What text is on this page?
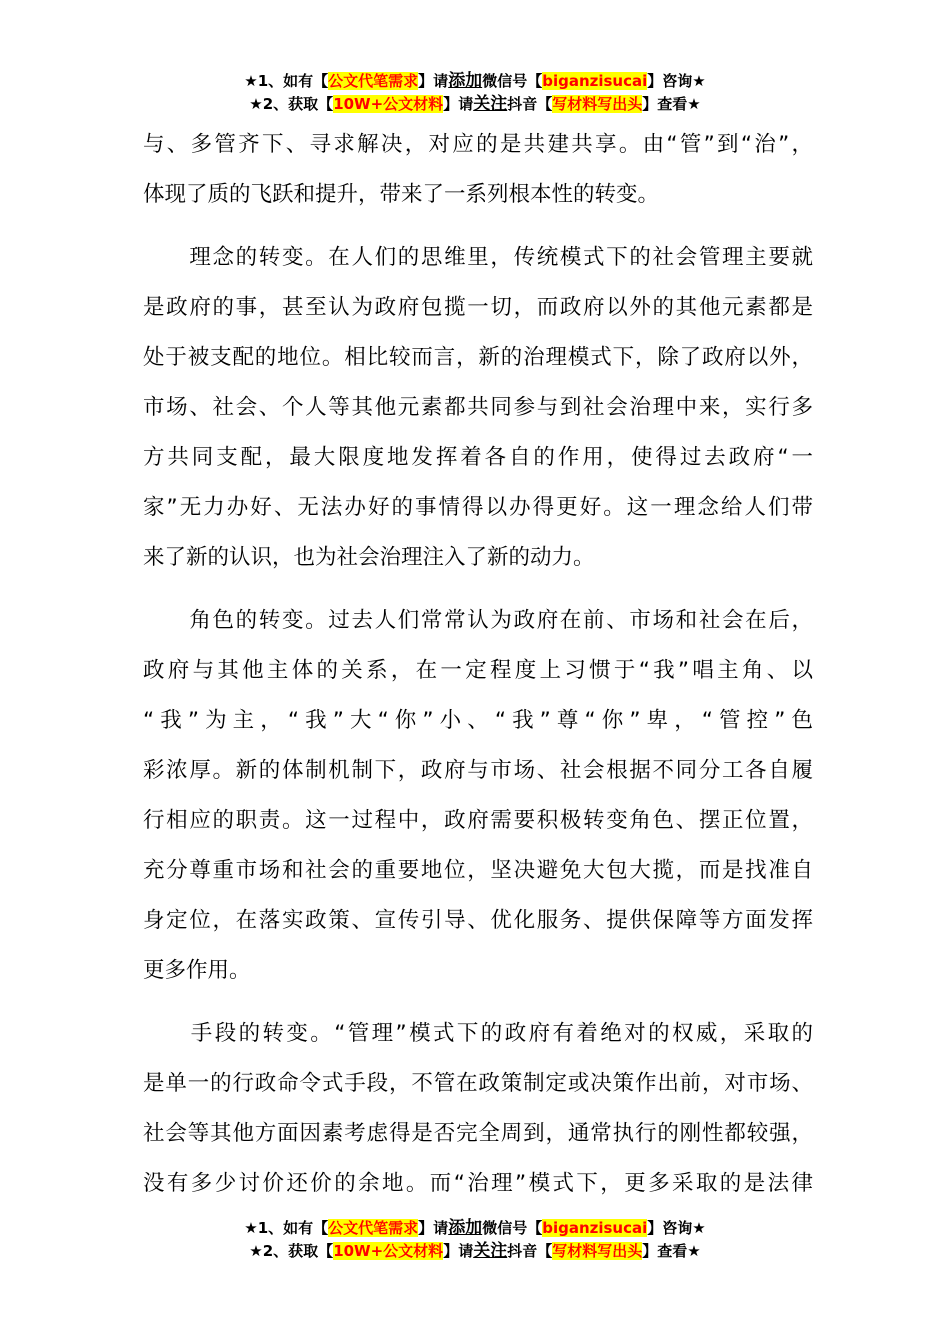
★1、如有【公文代笔需求】请添加微信号【biganzisucai】咨询★
★2、获取【10W+公文材料】请关注抖音【写材料写出头】查看★

与、多管齐下、寻求解决，对应的是共建共享。由“管”到“治”，
体现了质的飞跃和提升，带来了一系列根本性的转变。

　　理念的转变。在人们的思维里，传统模式下的社会管理主要就
是政府的事，甚至认为政府包揽一切，而政府以外的其他元素都是
处于被支配的地位。相比较而言，新的治理模式下，除了政府以外，
市场、社会、个人等其他元素都共同参与到社会治理中来，实行多
方共同支配，最大限度地发挥着各自的作用，使得过去政府“一
家”无力办好、无法办好的事情得以办得更好。这一理念给人们带
来了新的认识，也为社会治理注入了新的动力。

　　角色的转变。过去人们常常认为政府在前、市场和社会在后，
政府与其他主体的关系，在一定程度上习惯于“我”唱主角、以
“我”为主，“我”大“你”小、“我”尊“你”卑，“管控”色
彩浓厚。新的体制机制下，政府与市场、社会根据不同分工各自履
行相应的职责。这一过程中，政府需要积极转变角色、摆正位置，
充分尊重市场和社会的重要地位，坚决避免大包大揽，而是找准自
身定位，在落实政策、宣传引导、优化服务、提供保障等方面发挥
更多作用。

　　手段的转变。“管理”模式下的政府有着绝对的权威，采取的
是单一的行政命令式手段，不管在政策制定或决策作出前，对市场、
社会等其他方面因素考虑得是否完全周到，通常执行的刚性都较强，
没有多少讨价还价的余地。而“治理”模式下，更多采取的是法律

★1、如有【公文代笔需求】请添加微信号【biganzisucai】咨询★
★2、获取【10W+公文材料】请关注抖音【写材料写出头】查看★
